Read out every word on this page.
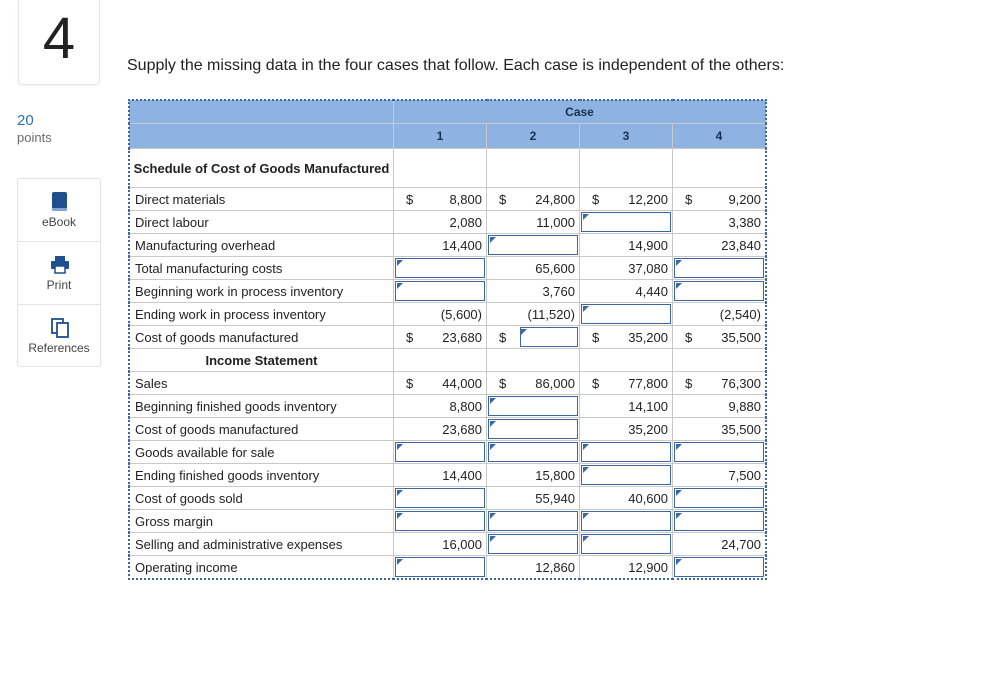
4
20
points
eBook
Print
References
Supply the missing data in the four cases that follow. Each case is independent of the others:
	Case			
	1	2	3	4
Schedule of Cost of Goods Manufactured				
Direct materials	$ 8,800	$ 24,800	$ 12,200	$ 9,200

Direct labour	2,080	11,000		3,380

Manufacturing overhead	14,400		14,900	23,840

Total manufacturing costs		65,600	37,080	

Beginning work in process inventory		3,760	4,440	

Ending work in process inventory	(5,600)	(11,520)		(2,540)

Cost of goods manufactured	$ 23,680	$	$ 35,200	$ 35,500

Income Statement				
Sales	$ 44,000	$ 86,000	$ 77,800	$ 76,300

Beginning finished goods inventory	8,800		14,100	9,880

Cost of goods manufactured	23,680		35,200	35,500

Goods available for sale	

Ending finished goods inventory	14,400	15,800		7,500

Cost of goods sold		55,940	40,600	

Gross margin	

Selling and administrative expenses	16,000			24,700

Operating income		12,860	12,900	
